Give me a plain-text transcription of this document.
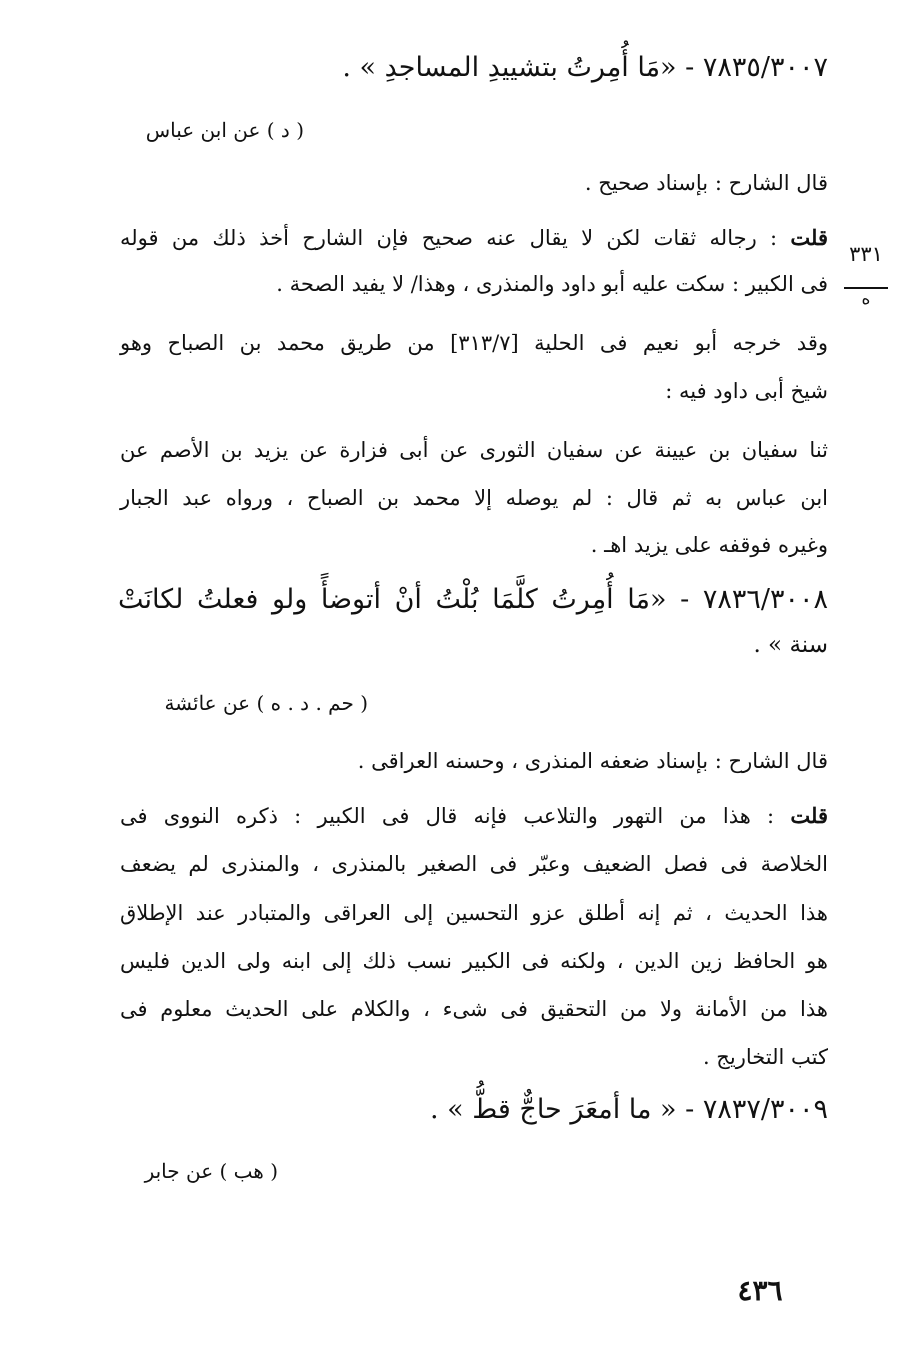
٧٨٣٥/٣٠٠٧ - «مَا أُمِرتُ بتشييدِ المساجدِ » .
( د ) عن ابن عباس
قال الشارح : بإسناد صحيح .
قلت : رجاله ثقات لكن لا يقال عنه صحيح فإن الشارح أخذ ذلك من قوله
فى الكبير : سكت عليه أبو داود والمنذرى ، وهذا/ لا يفيد الصحة .
وقد خرجه أبو نعيم فى الحلية [٣١٣/٧] من طريق محمد بن الصباح وهو
شيخ أبى داود فيه :
ثنا سفيان بن عيينة عن سفيان الثورى عن أبى فزارة عن يزيد بن الأصم عن
ابن عباس به ثم قال : لم يوصله إلا محمد بن الصباح ، ورواه عبد الجبار
وغيره فوقفه على يزيد اهـ .
٣٣١
ه
٧٨٣٦/٣٠٠٨ - «مَا أُمِرتُ كلَّمَا بُلْتُ أنْ أتوضأً ولو فعلتُ لكانَتْ
سنة » .
( حم . د . ه ) عن عائشة
قال الشارح : بإسناد ضعفه المنذرى ، وحسنه العراقى .
قلت : هذا من التهور والتلاعب فإنه قال فى الكبير : ذكره النووى فى
الخلاصة فى فصل الضعيف وعبّر فى الصغير بالمنذرى ، والمنذرى لم يضعف
هذا الحديث ، ثم إنه أطلق عزو التحسين إلى العراقى والمتبادر عند الإطلاق
هو الحافظ زين الدين ، ولكنه فى الكبير نسب ذلك إلى ابنه ولى الدين فليس
هذا من الأمانة ولا من التحقيق فى شىء ، والكلام على الحديث معلوم فى
كتب التخاريج .
٧٨٣٧/٣٠٠٩ - « ما أمعَرَ حاجٌّ قطُّ » .
( هب ) عن جابر
٤٣٦
